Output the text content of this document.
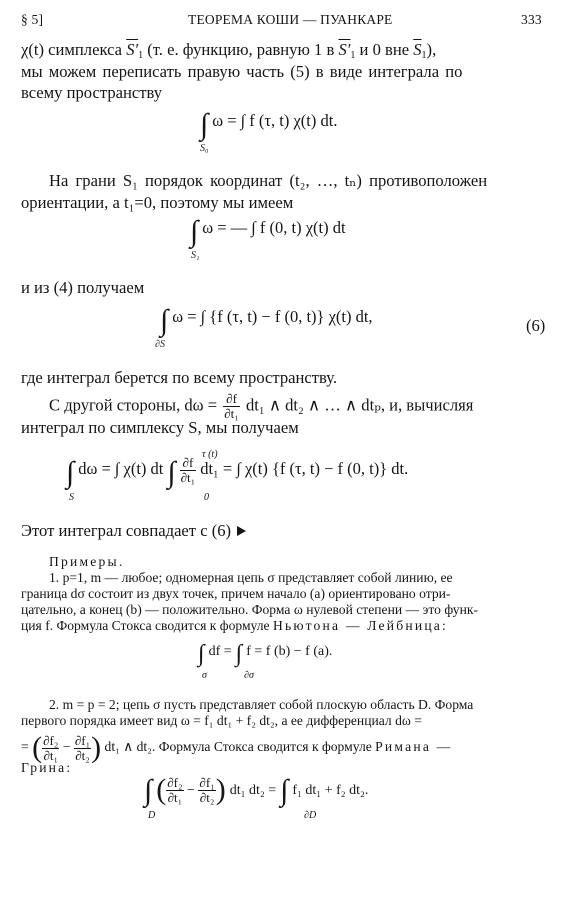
§ 5]	ТЕОРЕМА КОШИ — ПУАНКАРЕ	333
χ(t) симплекса S′1 (т. е. функцию, равную 1 в S′1 и 0 вне $\overline{S}1$),
мы можем переписать правую часть (5) в виде интеграла по
всему пространству
∫ ω = ∫ f (τ, t) χ(t) dt.
S₀
На грани S₁ порядок координат (t₂, …, tₙ) противоположен
ориентации, а t₁=0, поэтому мы имеем
∫ ω = — ∫ f (0, t) χ(t) dt
S₁
и из (4) получаем
∫ ω = ∫ {f (τ, t) − f (0, t)} χ(t) dt,
∂S
(6)
где интеграл берется по всему пространству.
С другой стороны, $d\omega = \frac{\partial f}{\text{∂t₁}} dt_1$ ∧ dt₂ ∧ … ∧ dtₚ, и, вычисляя
интеграл по симплексу S, мы получаем
τ (t)
∫ dω = ∫ χ(t) dt ∫ $\frac{\partial f}{\text{∂t₁}} dt_1$ = ∫ χ(t) {f (τ, t) − f (0, t)} dt.
S	0
Этот интеграл совпадает с (6)
Примеры.
1. p=1, m — любое; одномерная цепь σ представляет собой линию, ее
граница dσ состоит из двух точек, причем начало (a) ориентировано отри-
цательно, а конец (b) — положительно. Форма ω нулевой степени — это функ-
ция f. Формула Стокса сводится к формуле Ньютона — Лейбница:
∫ df = ∫ f = f (b) − f (a).
σ	∂σ
2. m = p = 2; цепь σ пусть представляет собой плоскую область D. Форма
первого порядка имеет вид ω = f₁ dt₁ + f₂ dt₂, а ее дифференциал dω =
= ( $\frac{\text{∂f₂}}{\text{∂t₁}} - \frac{\text{∂f₁}}{\text{∂t₂}}$ ) dt₁ ∧ dt₂. Формула Стокса сводится к формуле Римана —
Грина:
∫ ( $\frac{\text{∂f₂}}{\text{∂t₁}} - \frac{\text{∂f₁}}{\text{∂t₂}}$ ) dt₁ dt₂ = ∫ f₁ dt₁ + f₂ dt₂.
D	∂D
